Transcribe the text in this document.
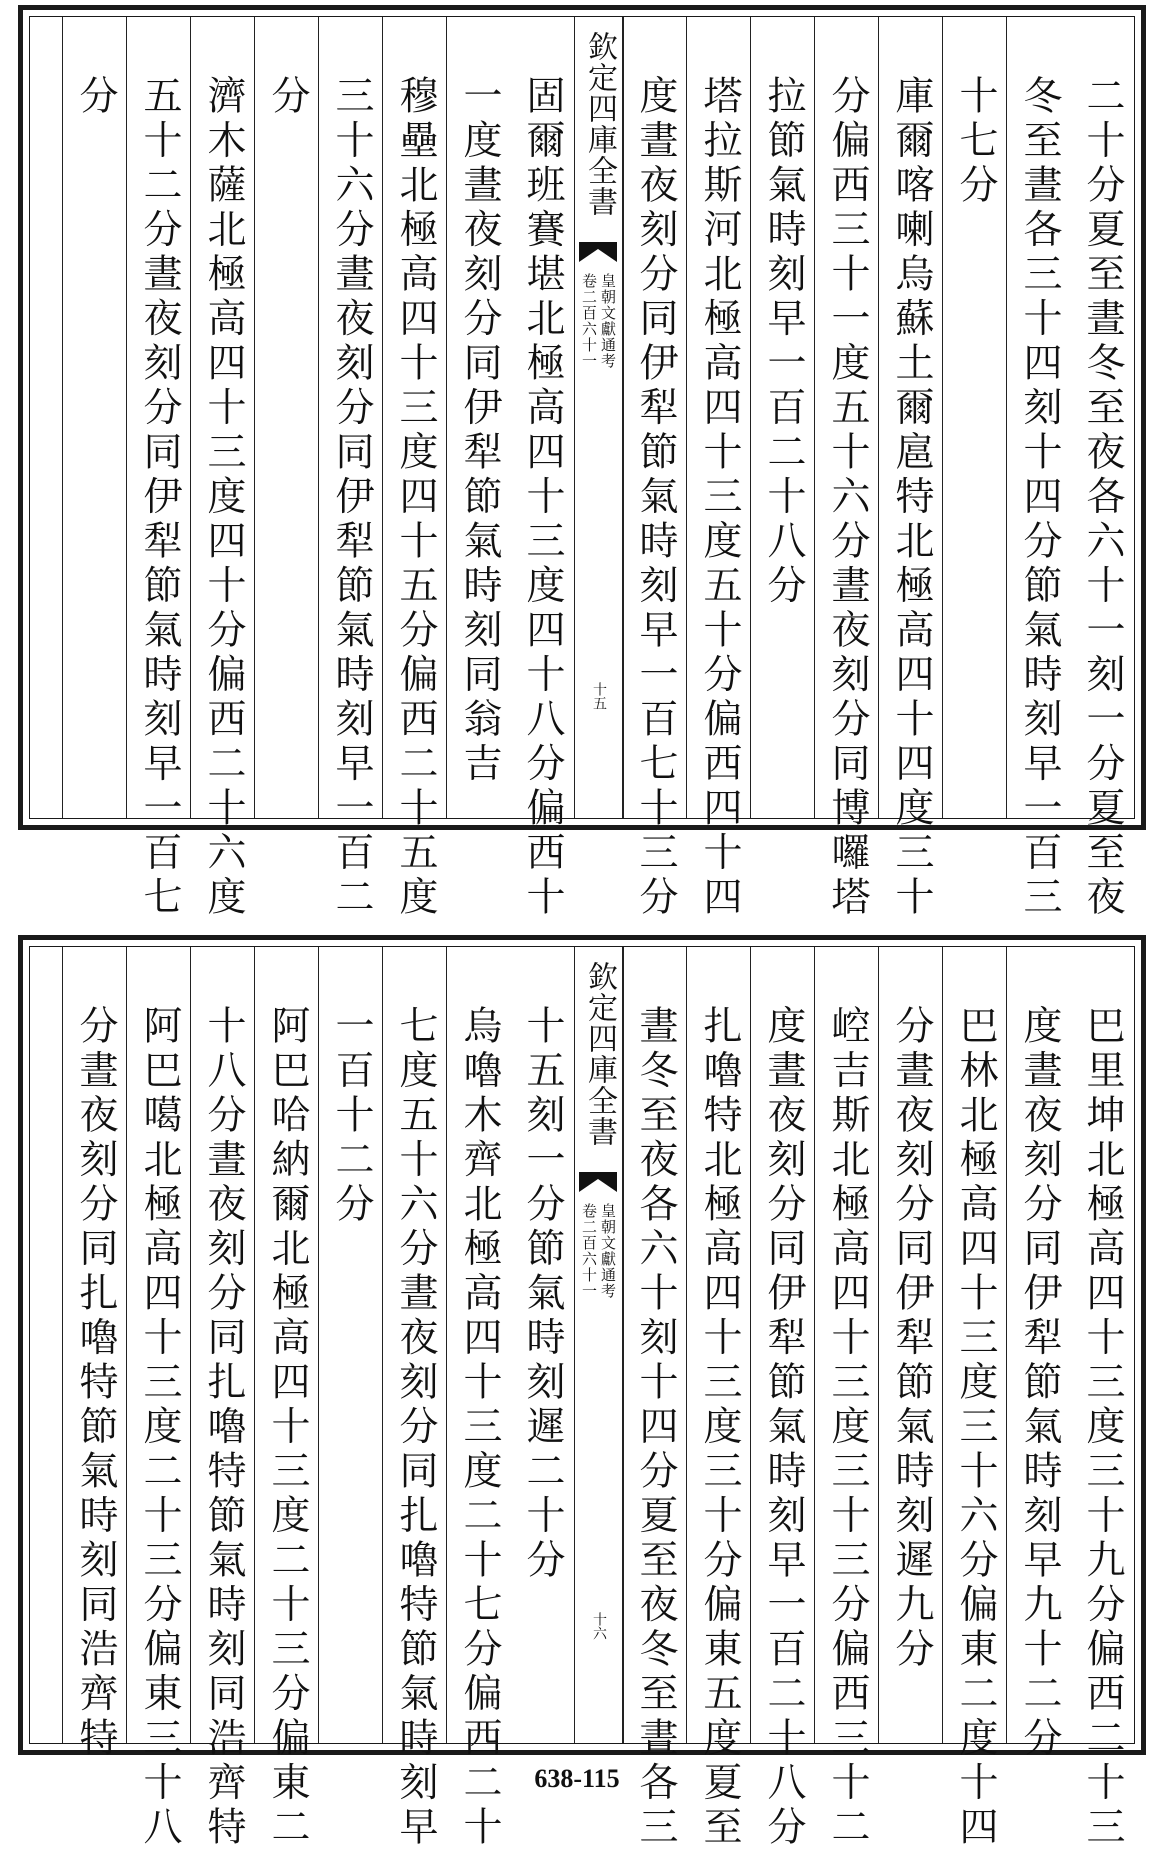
二十分夏至晝冬至夜各六十一刻一分夏至夜
冬至晝各三十四刻十四分節氣時刻早一百三
十七分
庫爾喀喇烏蘇土爾扈特北極高四十四度三十
分偏西三十一度五十六分晝夜刻分同博囉塔
拉節氣時刻早一百二十八分
塔拉斯河北極高四十三度五十分偏西四十四
度晝夜刻分同伊犁節氣時刻早一百七十三分
欽定四庫全書
皇朝文獻通考
卷二百六十一
十五
固爾班賽堪北極高四十三度四十八分偏西十
一度晝夜刻分同伊犁節氣時刻同翁吉
穆壘北極高四十三度四十五分偏西二十五度
三十六分晝夜刻分同伊犁節氣時刻早一百二
分
濟木薩北極高四十三度四十分偏西二十六度
五十二分晝夜刻分同伊犁節氣時刻早一百七
分
巴里坤北極高四十三度三十九分偏西二十三
度晝夜刻分同伊犁節氣時刻早九十二分
巴林北極高四十三度三十六分偏東二度十四
分晝夜刻分同伊犁節氣時刻遲九分
崆吉斯北極高四十三度三十三分偏西三十二
度晝夜刻分同伊犁節氣時刻早一百二十八分
扎嚕特北極高四十三度三十分偏東五度夏至
晝冬至夜各六十刻十四分夏至夜冬至晝各三
欽定四庫全書
皇朝文獻通考
卷二百六十一
十六
十五刻一分節氣時刻遲二十分
烏嚕木齊北極高四十三度二十七分偏西二十
七度五十六分晝夜刻分同扎嚕特節氣時刻早
一百十二分
阿巴哈納爾北極高四十三度二十三分偏東二
十八分晝夜刻分同扎嚕特節氣時刻同浩齊特
阿巴噶北極高四十三度二十三分偏東三十八
分晝夜刻分同扎嚕特節氣時刻同浩齊特
638-115
